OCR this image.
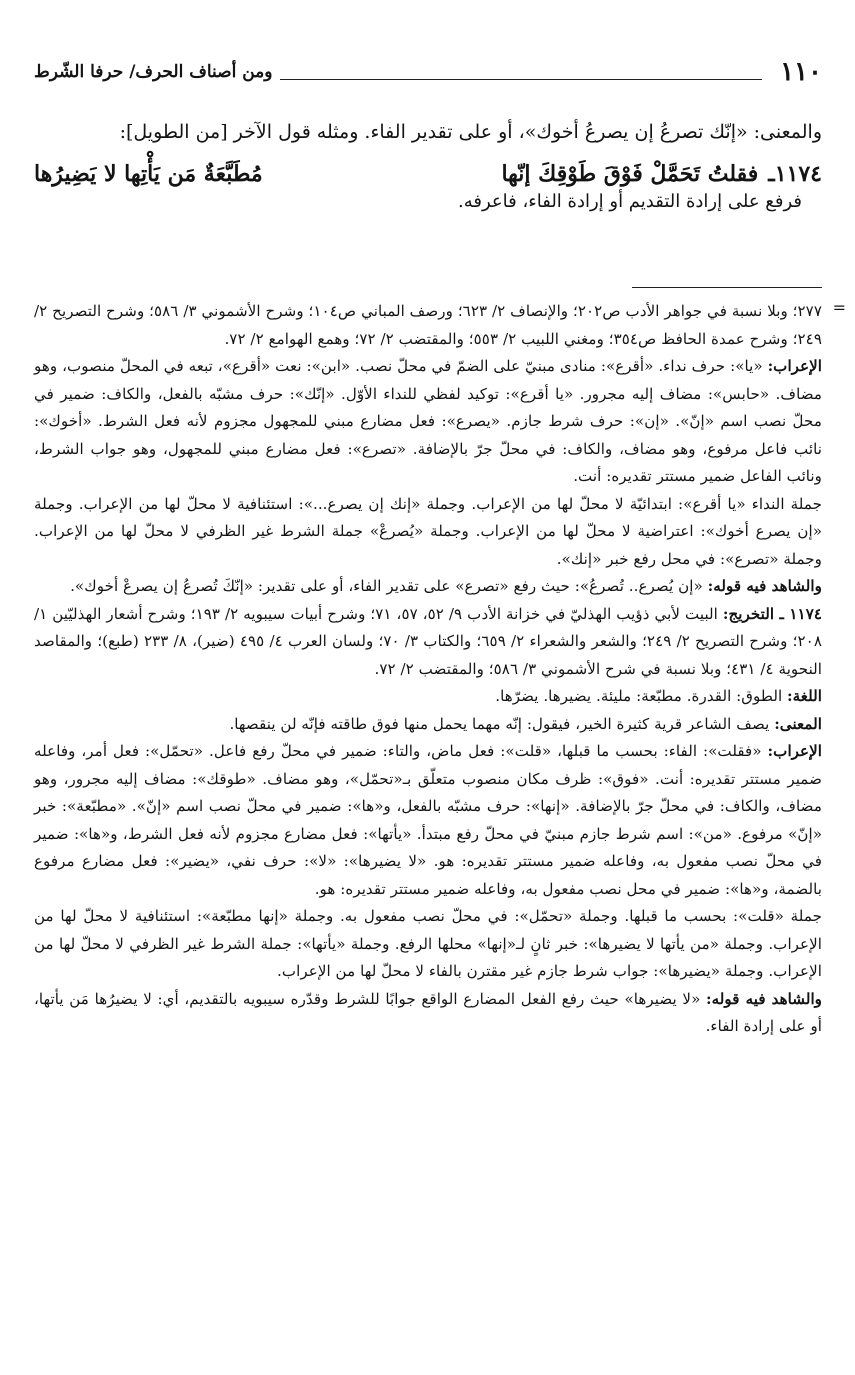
١١٠
ومن أصناف الحرف/ حرفا الشّرط

والمعنى: «إنّك تصرعُ إن يصرعُ أخوك»، أو على تقدير الفاء. ومثله قول الآخر [من الطويل]:

١١٧٤ـ
فقلتُ تَحَمَّلْ فَوْقَ طَوْقِكَ إنّها
مُطَبَّعَةٌ مَن يَأْتِها لا يَضِيرُها

فرفع على إرادة التقديم أو إرادة الفاء، فاعرفه.

=

٢٧٧؛ وبلا نسبة في جواهر الأدب ص٢٠٢؛ والإنصاف ٢/ ٦٢٣؛ ورصف المباني ص١٠٤؛ وشرح الأشموني ٣/ ٥٨٦؛ وشرح التصريح ٢/ ٢٤٩؛ وشرح عمدة الحافظ ص٣٥٤؛ ومغني اللبيب ٢/ ٥٥٣؛ والمقتضب ٢/ ٧٢؛ وهمع الهوامع ٢/ ٧٢.

الإعراب: «يا»: حرف نداء. «أقرع»: منادى مبنيّ على الضمّ في محلّ نصب. «ابن»: نعت «أقرع»، تبعه في المحلّ منصوب، وهو مضاف. «حابس»: مضاف إليه مجرور. «يا أقرع»: توكيد لفظي للنداء الأوّل. «إنّك»: حرف مشبّه بالفعل، والكاف: ضمير في محلّ نصب اسم «إنّ». «إن»: حرف شرط جازم. «يصرع»: فعل مضارع مبني للمجهول مجزوم لأنه فعل الشرط. «أخوك»: نائب فاعل مرفوع، وهو مضاف، والكاف: في محلّ جرّ بالإضافة. «تصرع»: فعل مضارع مبني للمجهول، وهو جواب الشرط، ونائب الفاعل ضمير مستتر تقديره: أنت.

جملة النداء «يا أقرع»: ابتدائيّة لا محلّ لها من الإعراب. وجملة «إنك إن يصرع...»: استئنافية لا محلّ لها من الإعراب. وجملة «إن يصرع أخوك»: اعتراضية لا محلّ لها من الإعراب. وجملة «يُصرعْ» جملة الشرط غير الظرفي لا محلّ لها من الإعراب. وجملة «تصرع»: في محل رفع خبر «إنك».

والشاهد فيه قوله: «إن يُصرع.. تُصرعُ»: حيث رفع «تصرع» على تقدير الفاء، أو على تقدير: «إنّكَ تُصرعُ إن يصرعْ أخوك».

١١٧٤ ـ التخريج: البيت لأبي ذؤيب الهذليّ في خزانة الأدب ٩/ ٥٢، ٥٧، ٧١؛ وشرح أبيات سيبويه ٢/ ١٩٣؛ وشرح أشعار الهذليّين ١/ ٢٠٨؛ وشرح التصريح ٢/ ٢٤٩؛ والشعر والشعراء ٢/ ٦٥٩؛ والكتاب ٣/ ٧٠؛ ولسان العرب ٤/ ٤٩٥ (ضير)، ٨/ ٢٣٣ (طبع)؛ والمقاصد النحوية ٤/ ٤٣١؛ وبلا نسبة في شرح الأشموني ٣/ ٥٨٦؛ والمقتضب ٢/ ٧٢.

اللغة: الطوق: القدرة. مطبّعة: مليئة. يضيرها. يضرّها.

المعنى: يصف الشاعر قرية كثيرة الخير، فيقول: إنّه مهما يحمل منها فوق طاقته فإنّه لن ينقصها.

الإعراب: «فقلت»: الفاء: بحسب ما قبلها، «قلت»: فعل ماض، والتاء: ضمير في محلّ رفع فاعل. «تحمّل»: فعل أمر، وفاعله ضمير مستتر تقديره: أنت. «فوق»: ظرف مكان منصوب متعلّق بـ«تحمّل»، وهو مضاف. «طوقك»: مضاف إليه مجرور، وهو مضاف، والكاف: في محلّ جرّ بالإضافة. «إنها»: حرف مشبّه بالفعل، و«ها»: ضمير في محلّ نصب اسم «إنّ». «مطبّعة»: خبر «إنّ» مرفوع. «من»: اسم شرط جازم مبنيّ في محلّ رفع مبتدأ. «يأتها»: فعل مضارع مجزوم لأنه فعل الشرط، و«ها»: ضمير في محلّ نصب مفعول به، وفاعله ضمير مستتر تقديره: هو. «لا يضيرها»: «لا»: حرف نفي، «يضير»: فعل مضارع مرفوع بالضمة، و«ها»: ضمير في محل نصب مفعول به، وفاعله ضمير مستتر تقديره: هو.

جملة «قلت»: بحسب ما قبلها. وجملة «تحمّل»: في محلّ نصب مفعول به. وجملة «إنها مطبّعة»: استئنافية لا محلّ لها من الإعراب. وجملة «من يأتها لا يضيرها»: خبر ثانٍ لـ«إنها» محلها الرفع. وجملة «يأتها»: جملة الشرط غير الظرفي لا محلّ لها من الإعراب. وجملة «يضيرها»: جواب شرط جازم غير مقترن بالفاء لا محلّ لها من الإعراب.

والشاهد فيه قوله: «لا يضيرها» حيث رفع الفعل المضارع الواقع جوابًا للشرط وقدّره سيبويه بالتقديم، أي: لا يضيرُها مَن يأتها، أو على إرادة الفاء.
